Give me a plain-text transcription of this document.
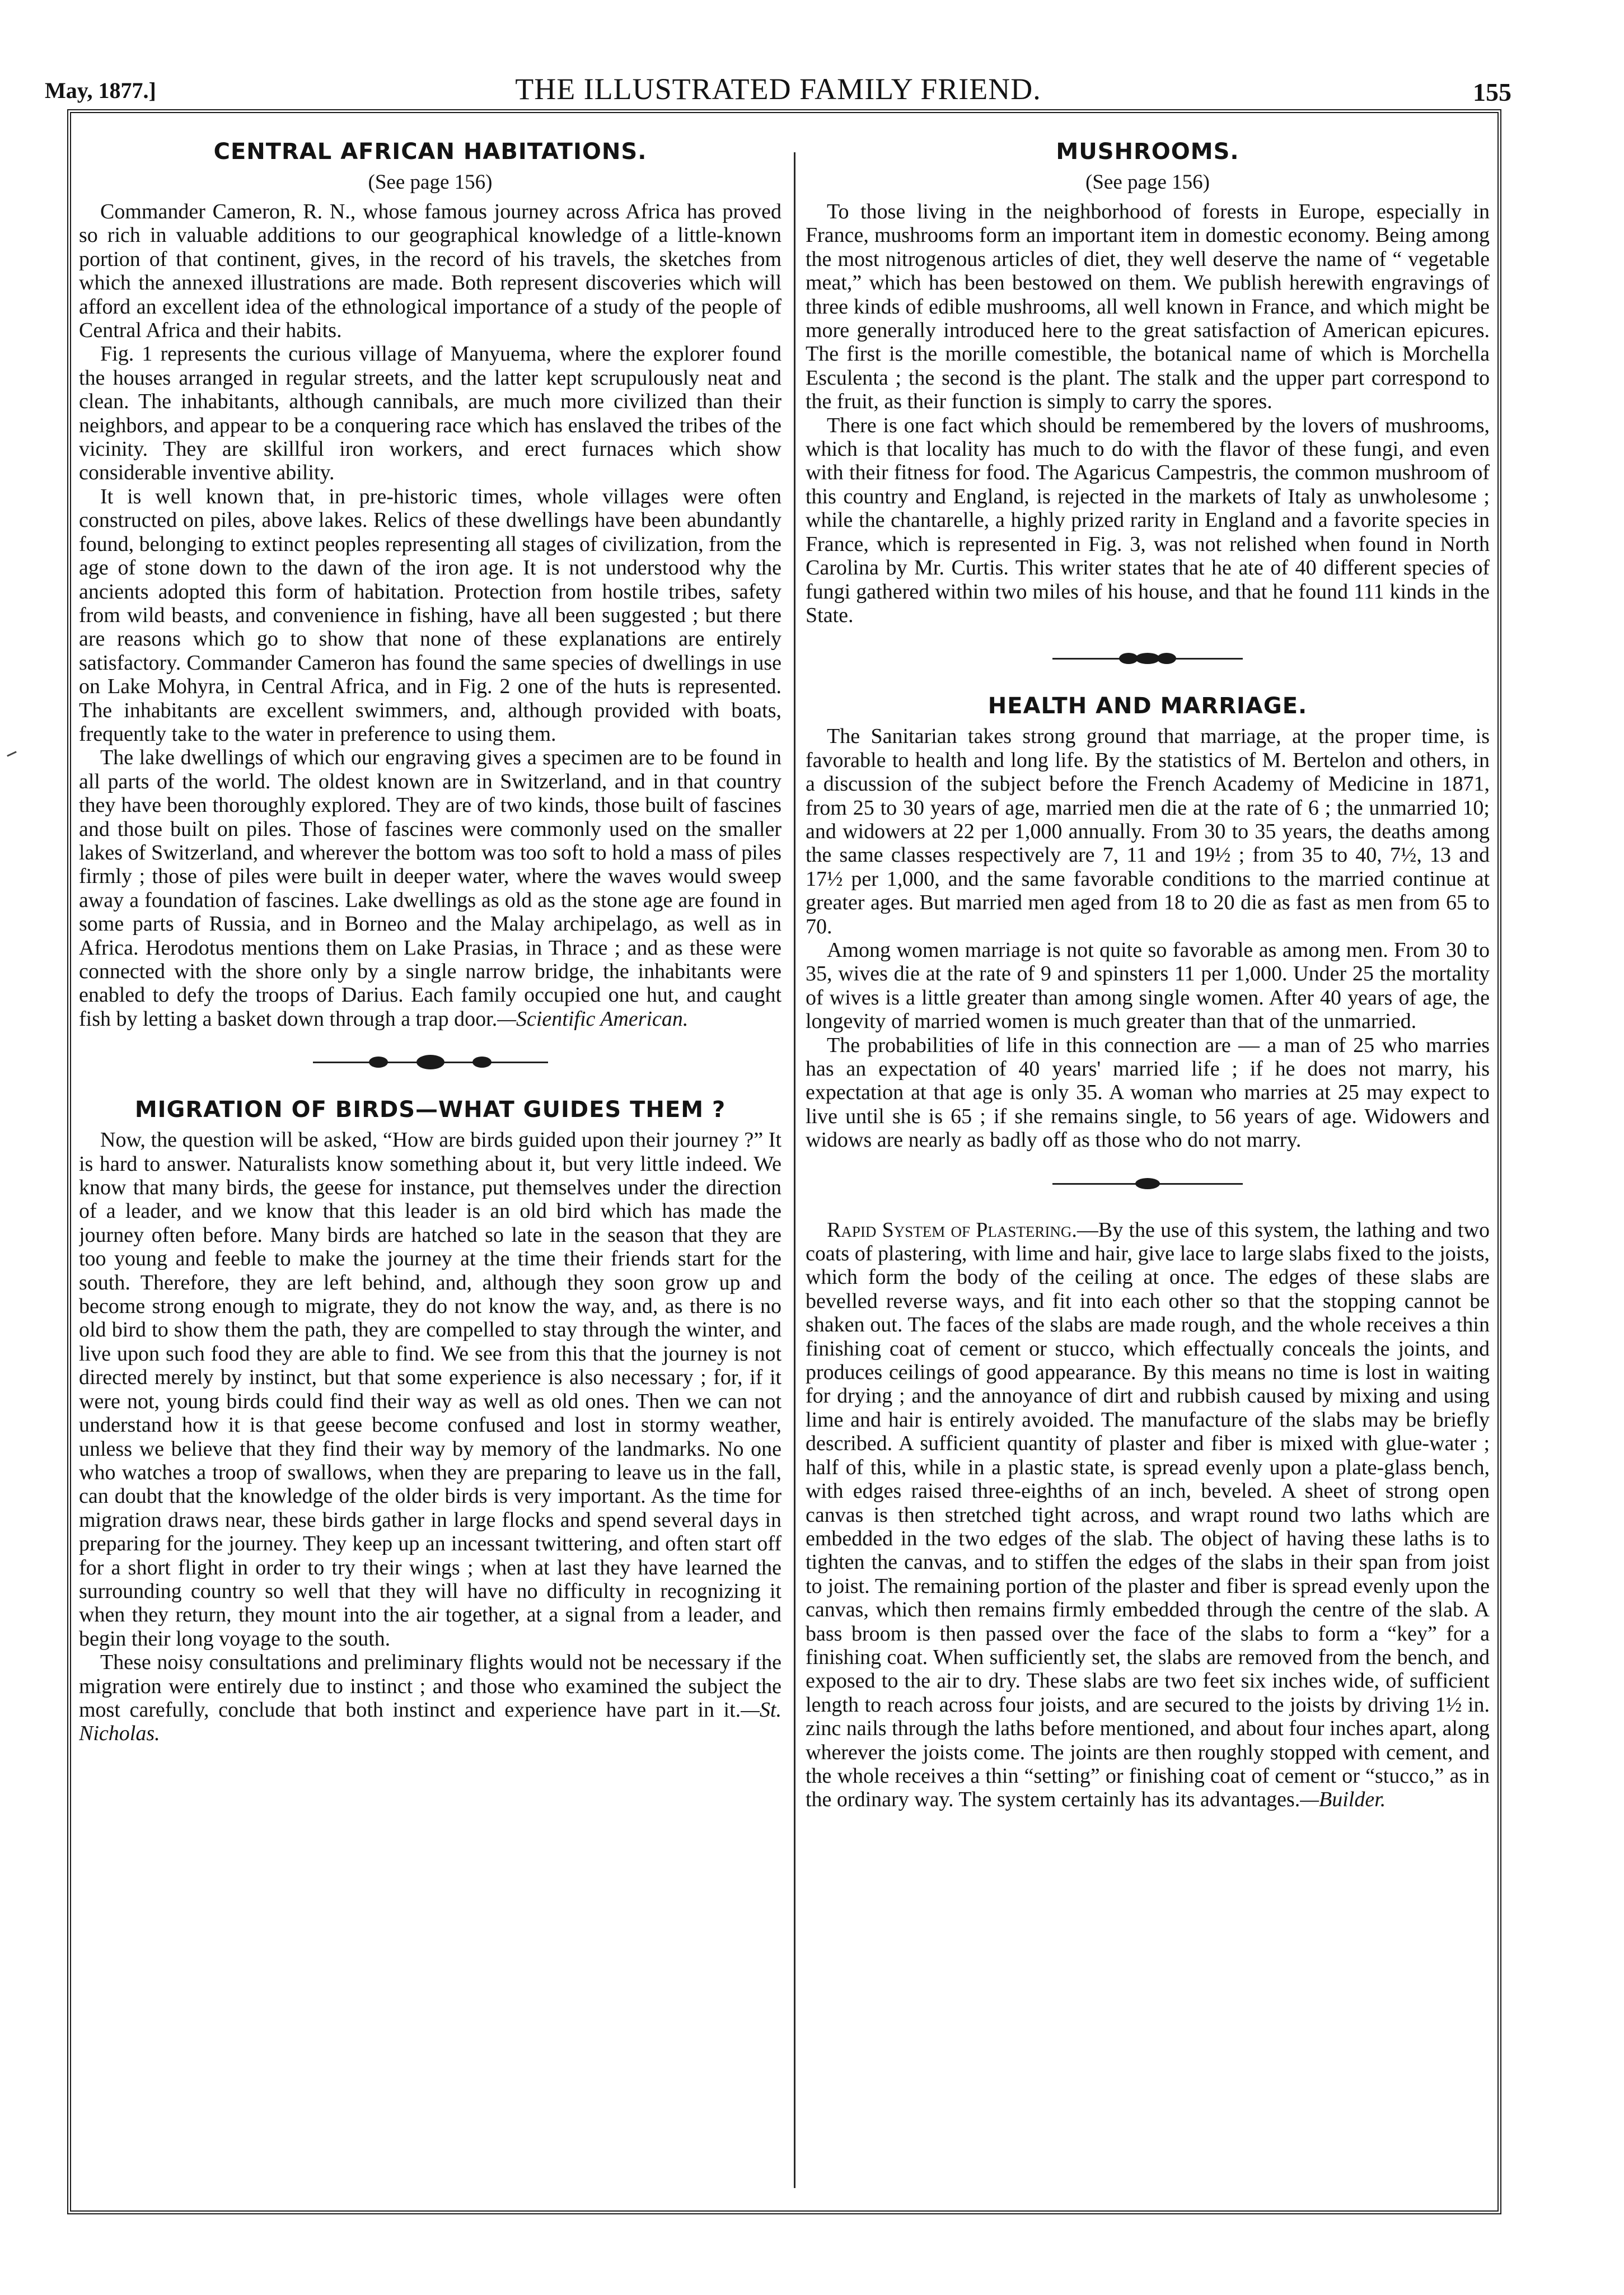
May, 1877.]	THE ILLUSTRATED FAMILY FRIEND.	155
CENTRAL AFRICAN HABITATIONS.
(See page 156)

Commander Cameron, R. N., whose famous journey across Africa has proved so rich in valuable additions to our geographical knowledge of a little-known portion of that continent, gives, in the record of his travels, the sketches from which the annexed illustrations are made. Both represent discoveries which will afford an excellent idea of the ethnological importance of a study of the people of Central Africa and their habits.

Fig. 1 represents the curious village of Manyuema, where the explorer found the houses arranged in regular streets, and the latter kept scrupulously neat and clean. The inhabitants, although cannibals, are much more civilized than their neighbors, and appear to be a conquering race which has enslaved the tribes of the vicinity. They are skillful iron workers, and erect furnaces which show considerable inventive ability.

It is well known that, in pre-historic times, whole villages were often constructed on piles, above lakes. Relics of these dwellings have been abundantly found, belonging to extinct peoples representing all stages of civilization, from the age of stone down to the dawn of the iron age. It is not understood why the ancients adopted this form of habitation. Protection from hostile tribes, safety from wild beasts, and convenience in fishing, have all been suggested ; but there are reasons which go to show that none of these explanations are entirely satisfactory. Commander Cameron has found the same species of dwellings in use on Lake Mohyra, in Central Africa, and in Fig. 2 one of the huts is represented. The inhabitants are excellent swimmers, and, although provided with boats, frequently take to the water in preference to using them.

The lake dwellings of which our engraving gives a specimen are to be found in all parts of the world. The oldest known are in Switzerland, and in that country they have been thoroughly explored. They are of two kinds, those built of fascines and those built on piles. Those of fascines were commonly used on the smaller lakes of Switzerland, and wherever the bottom was too soft to hold a mass of piles firmly ; those of piles were built in deeper water, where the waves would sweep away a foundation of fascines. Lake dwellings as old as the stone age are found in some parts of Russia, and in Borneo and the Malay archipelago, as well as in Africa. Herodotus mentions them on Lake Prasias, in Thrace ; and as these were connected with the shore only by a single narrow bridge, the inhabitants were enabled to defy the troops of Darius. Each family occupied one hut, and caught fish by letting a basket down through a trap door.—Scientific American.

MIGRATION OF BIRDS—WHAT GUIDES THEM ?

Now, the question will be asked, “How are birds guided upon their journey ?” It is hard to answer. Naturalists know something about it, but very little indeed. We know that many birds, the geese for instance, put themselves under the direction of a leader, and we know that this leader is an old bird which has made the journey often before. Many birds are hatched so late in the season that they are too young and feeble to make the journey at the time their friends start for the south. Therefore, they are left behind, and, although they soon grow up and become strong enough to migrate, they do not know the way, and, as there is no old bird to show them the path, they are compelled to stay through the winter, and live upon such food they are able to find. We see from this that the journey is not directed merely by instinct, but that some experience is also necessary ; for, if it were not, young birds could find their way as well as old ones. Then we can not understand how it is that geese become confused and lost in stormy weather, unless we believe that they find their way by memory of the landmarks. No one who watches a troop of swallows, when they are preparing to leave us in the fall, can doubt that the knowledge of the older birds is very important. As the time for migration draws near, these birds gather in large flocks and spend several days in preparing for the journey. They keep up an incessant twittering, and often start off for a short flight in order to try their wings ; when at last they have learned the surrounding country so well that they will have no difficulty in recognizing it when they return, they mount into the air together, at a signal from a leader, and begin their long voyage to the south.

These noisy consultations and preliminary flights would not be necessary if the migration were entirely due to instinct ; and those who examined the subject the most carefully, conclude that both instinct and experience have part in it.—St. Nicholas.

MUSHROOMS.
(See page 156)

To those living in the neighborhood of forests in Europe, especially in France, mushrooms form an important item in domestic economy. Being among the most nitrogenous articles of diet, they well deserve the name of “ vegetable meat,” which has been bestowed on them. We publish herewith engravings of three kinds of edible mushrooms, all well known in France, and which might be more generally introduced here to the great satisfaction of American epicures. The first is the morille comestible, the botanical name of which is Morchella Esculenta ; the second is the plant. The stalk and the upper part correspond to the fruit, as their function is simply to carry the spores.

There is one fact which should be remembered by the lovers of mushrooms, which is that locality has much to do with the flavor of these fungi, and even with their fitness for food. The Agaricus Campestris, the common mushroom of this country and England, is rejected in the markets of Italy as unwholesome ; while the chantarelle, a highly prized rarity in England and a favorite species in France, which is represented in Fig. 3, was not relished when found in North Carolina by Mr. Curtis. This writer states that he ate of 40 different species of fungi gathered within two miles of his house, and that he found 111 kinds in the State.

HEALTH AND MARRIAGE.

The Sanitarian takes strong ground that marriage, at the proper time, is favorable to health and long life. By the statistics of M. Bertelon and others, in a discussion of the subject before the French Academy of Medicine in 1871, from 25 to 30 years of age, married men die at the rate of 6 ; the unmarried 10; and widowers at 22 per 1,000 annually. From 30 to 35 years, the deaths among the same classes respectively are 7, 11 and 19½ ; from 35 to 40, 7½, 13 and 17½ per 1,000, and the same favorable conditions to the married continue at greater ages. But married men aged from 18 to 20 die as fast as men from 65 to 70.

Among women marriage is not quite so favorable as among men. From 30 to 35, wives die at the rate of 9 and spinsters 11 per 1,000. Under 25 the mortality of wives is a little greater than among single women. After 40 years of age, the longevity of married women is much greater than that of the unmarried.

The probabilities of life in this connection are — a man of 25 who marries has an expectation of 40 years' married life ; if he does not marry, his expectation at that age is only 35. A woman who marries at 25 may expect to live until she is 65 ; if she remains single, to 56 years of age. Widowers and widows are nearly as badly off as those who do not marry.

Rapid System of Plastering.—By the use of this system, the lathing and two coats of plastering, with lime and hair, give lace to large slabs fixed to the joists, which form the body of the ceiling at once. The edges of these slabs are bevelled reverse ways, and fit into each other so that the stopping cannot be shaken out. The faces of the slabs are made rough, and the whole receives a thin finishing coat of cement or stucco, which effectually conceals the joints, and produces ceilings of good appearance. By this means no time is lost in waiting for drying ; and the annoyance of dirt and rubbish caused by mixing and using lime and hair is entirely avoided. The manufacture of the slabs may be briefly described. A sufficient quantity of plaster and fiber is mixed with glue-water ; half of this, while in a plastic state, is spread evenly upon a plate-glass bench, with edges raised three-eighths of an inch, beveled. A sheet of strong open canvas is then stretched tight across, and wrapt round two laths which are embedded in the two edges of the slab. The object of having these laths is to tighten the canvas, and to stiffen the edges of the slabs in their span from joist to joist. The remaining portion of the plaster and fiber is spread evenly upon the canvas, which then remains firmly embedded through the centre of the slab. A bass broom is then passed over the face of the slabs to form a “key” for a finishing coat. When sufficiently set, the slabs are removed from the bench, and exposed to the air to dry. These slabs are two feet six inches wide, of sufficient length to reach across four joists, and are secured to the joists by driving 1½ in. zinc nails through the laths before mentioned, and about four inches apart, along wherever the joists come. The joints are then roughly stopped with cement, and the whole receives a thin “setting” or finishing coat of cement or “stucco,” as in the ordinary way. The system certainly has its advantages.—Builder.
